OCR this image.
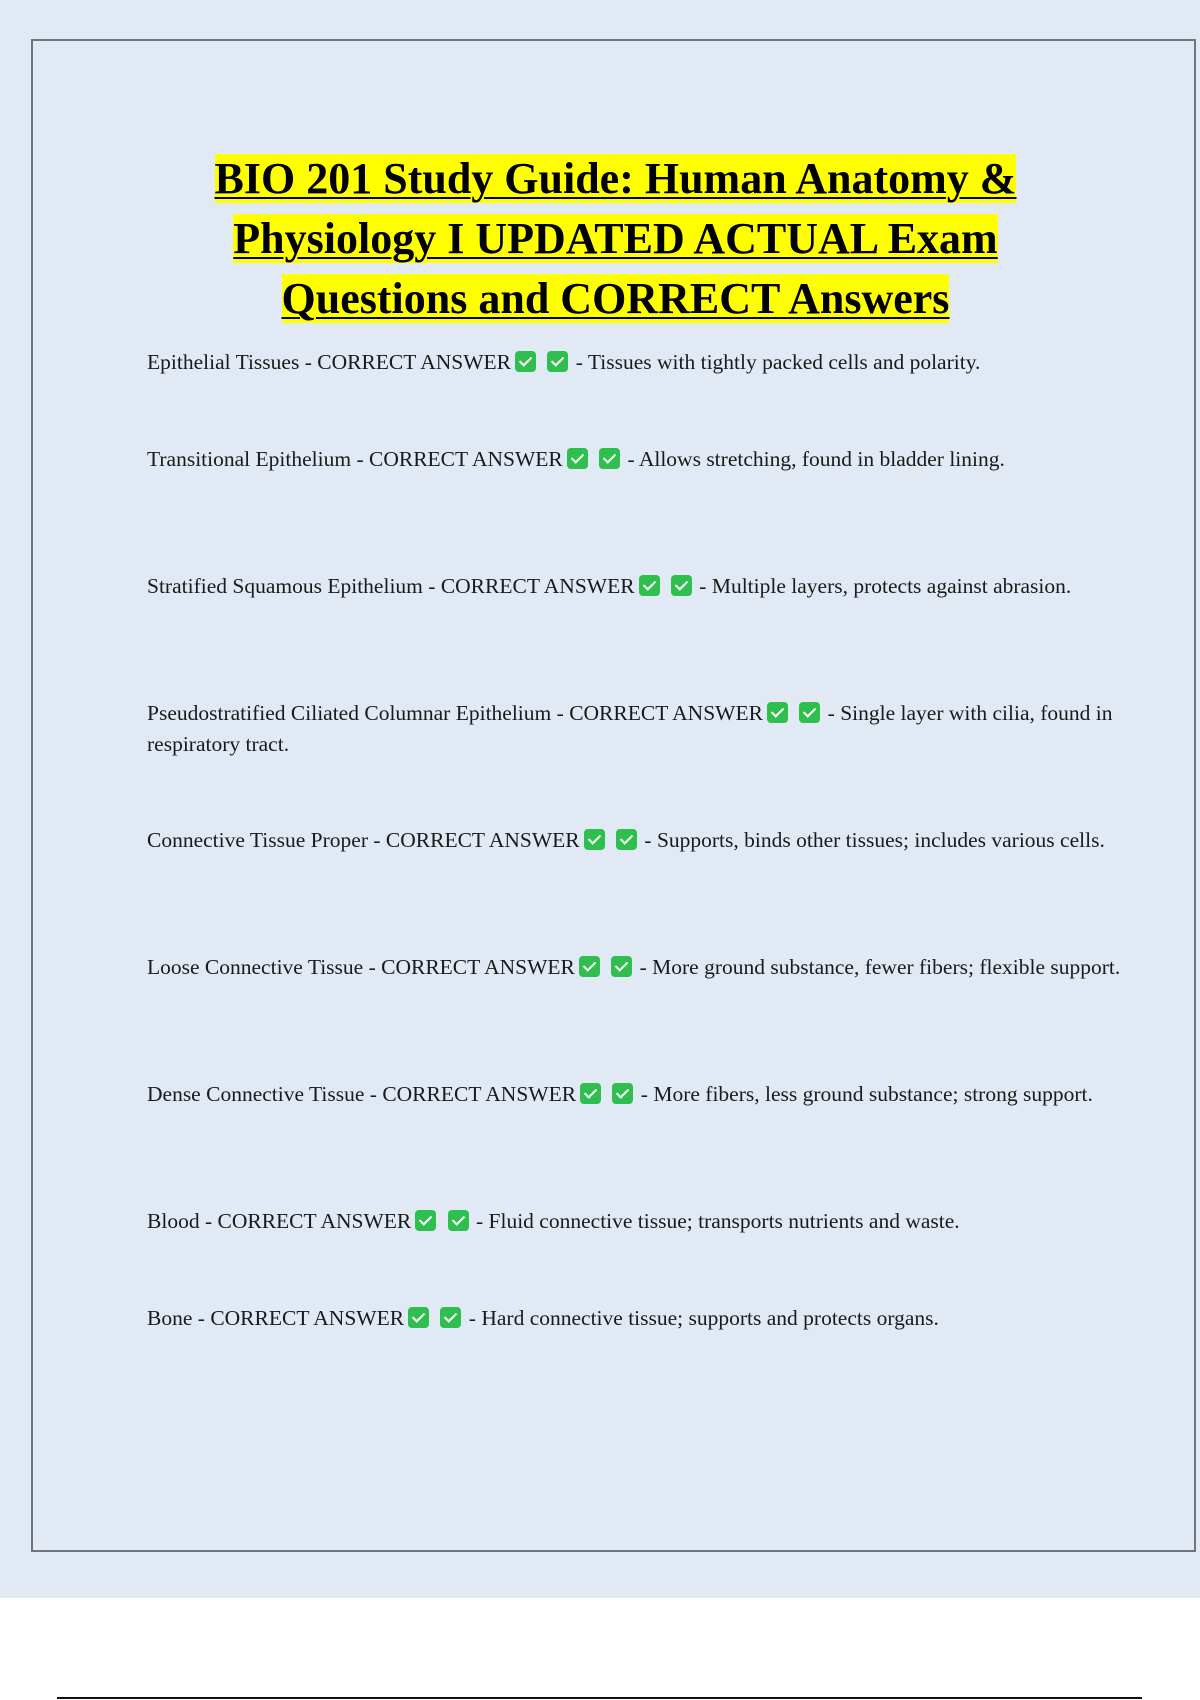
BIO 201 Study Guide: Human Anatomy &
Physiology I UPDATED ACTUAL Exam
Questions and CORRECT Answers

Epithelial Tissues - CORRECT ANSWER	- Tissues with tightly packed cells and polarity.

Transitional Epithelium - CORRECT ANSWER	- Allows stretching, found in bladder lining.

Stratified Squamous Epithelium - CORRECT ANSWER	- Multiple layers, protects against abrasion.

Pseudostratified Ciliated Columnar Epithelium - CORRECT ANSWER	- Single layer with cilia, found in respiratory tract.

Connective Tissue Proper - CORRECT ANSWER	- Supports, binds other tissues; includes various cells.

Loose Connective Tissue - CORRECT ANSWER	- More ground substance, fewer fibers; flexible support.

Dense Connective Tissue - CORRECT ANSWER	- More fibers, less ground substance; strong support.

Blood - CORRECT ANSWER	- Fluid connective tissue; transports nutrients and waste.

Bone - CORRECT ANSWER	- Hard connective tissue; supports and protects organs.
